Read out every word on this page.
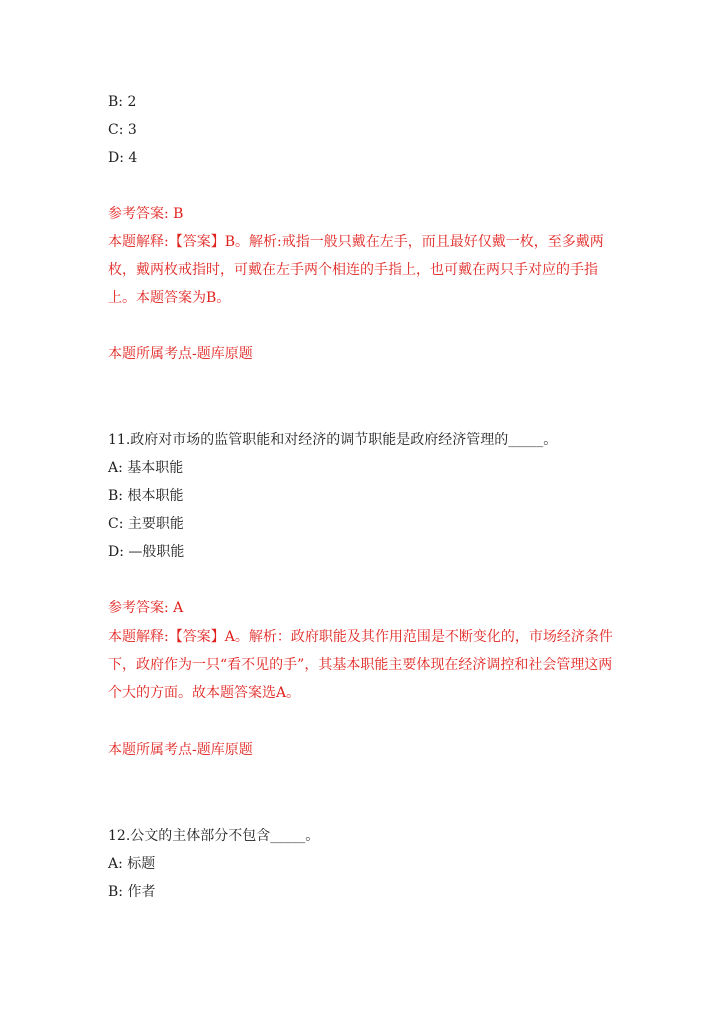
B: 2
C: 3
D: 4
参考答案: B
本题解释:【答案】B。解析:戒指一般只戴在左手，而且最好仅戴一枚，至多戴两枚，戴两枚戒指时，可戴在左手两个相连的手指上，也可戴在两只手对应的手指上。本题答案为B。
本题所属考点-题库原题
11.政府对市场的监管职能和对经济的调节职能是政府经济管理的_____。
A: 基本职能
B: 根本职能
C: 主要职能
D: —般职能
参考答案: A
本题解释:【答案】A。解析：政府职能及其作用范围是不断变化的，市场经济条件下，政府作为一只“看不见的手”，其基本职能主要体现在经济调控和社会管理这两个大的方面。故本题答案选A。
本题所属考点-题库原题
12.公文的主体部分不包含_____。
A: 标题
B: 作者
